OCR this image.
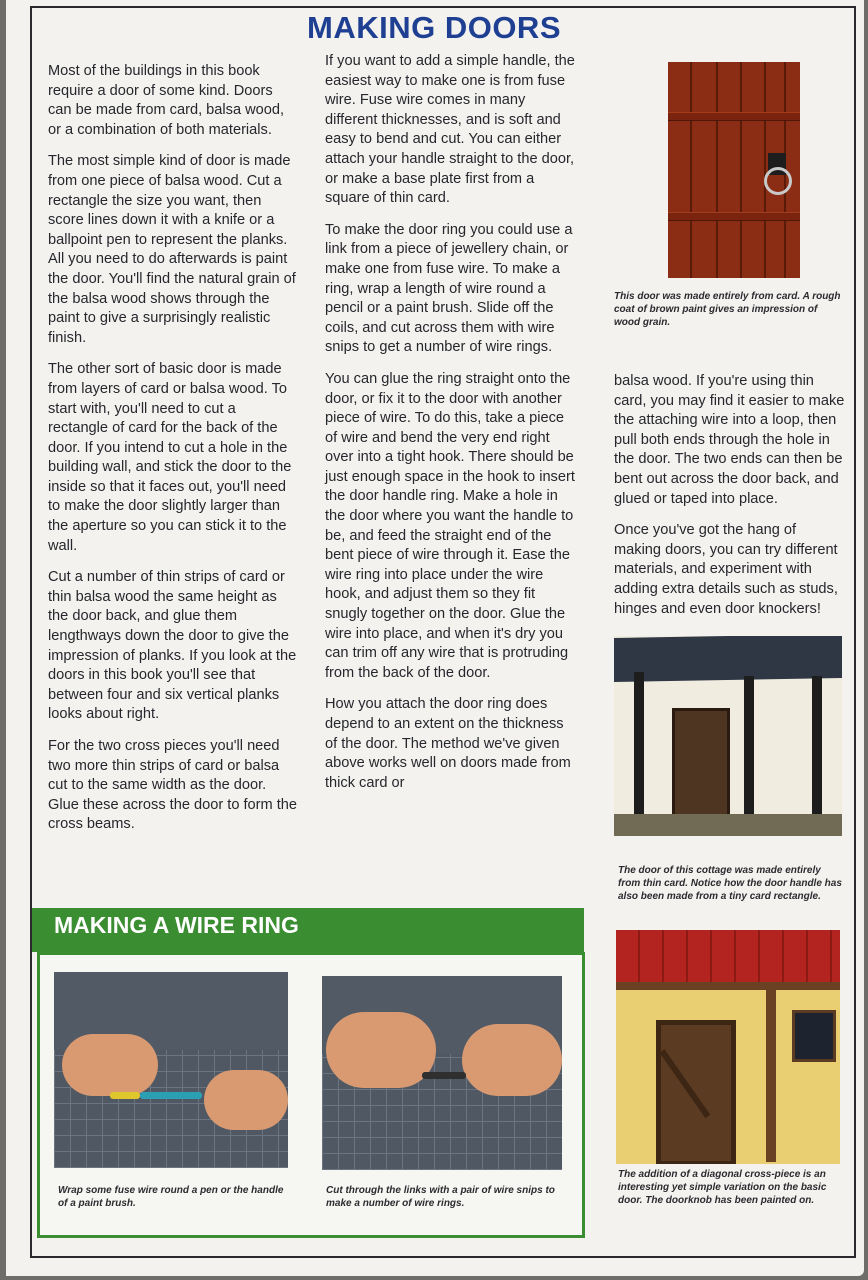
MAKING DOORS

Most of the buildings in this book require a door of some kind. Doors can be made from card, balsa wood, or a combination of both materials.

The most simple kind of door is made from one piece of balsa wood. Cut a rectangle the size you want, then score lines down it with a knife or a ballpoint pen to represent the planks. All you need to do afterwards is paint the door. You'll find the natural grain of the balsa wood shows through the paint to give a surprisingly realistic finish.

The other sort of basic door is made from layers of card or balsa wood. To start with, you'll need to cut a rectangle of card for the back of the door. If you intend to cut a hole in the building wall, and stick the door to the inside so that it faces out, you'll need to make the door slightly larger than the aperture so you can stick it to the wall.

Cut a number of thin strips of card or thin balsa wood the same height as the door back, and glue them lengthways down the door to give the impression of planks. If you look at the doors in this book you'll see that between four and six vertical planks looks about right.

For the two cross pieces you'll need two more thin strips of card or balsa cut to the same width as the door. Glue these across the door to form the cross beams.

If you want to add a simple handle, the easiest way to make one is from fuse wire. Fuse wire comes in many different thicknesses, and is soft and easy to bend and cut. You can either attach your handle straight to the door, or make a base plate first from a square of thin card.

To make the door ring you could use a link from a piece of jewellery chain, or make one from fuse wire. To make a ring, wrap a length of wire round a pencil or a paint brush. Slide off the coils, and cut across them with wire snips to get a number of wire rings.

You can glue the ring straight onto the door, or fix it to the door with another piece of wire. To do this, take a piece of wire and bend the very end right over into a tight hook. There should be just enough space in the hook to insert the door handle ring. Make a hole in the door where you want the handle to be, and feed the straight end of the bent piece of wire through it. Ease the wire ring into place under the wire hook, and adjust them so they fit snugly together on the door. Glue the wire into place, and when it's dry you can trim off any wire that is protruding from the back of the door.

How you attach the door ring does depend to an extent on the thickness of the door. The method we've given above works well on doors made from thick card or

balsa wood. If you're using thin card, you may find it easier to make the attaching wire into a loop, then pull both ends through the hole in the door. The two ends can then be bent out across the door back, and glued or taped into place.

Once you've got the hang of making doors, you can try different materials, and experiment with adding extra details such as studs, hinges and even door knockers!

This door was made entirely from card. A rough coat of brown paint gives an impression of wood grain.

The door of this cottage was made entirely from thin card. Notice how the door handle has also been made from a tiny card rectangle.

The addition of a diagonal cross-piece is an interesting yet simple variation on the basic door. The doorknob has been painted on.

MAKING A WIRE RING

Wrap some fuse wire round a pen or the handle of a paint brush.

Cut through the links with a pair of wire snips to make a number of wire rings.
